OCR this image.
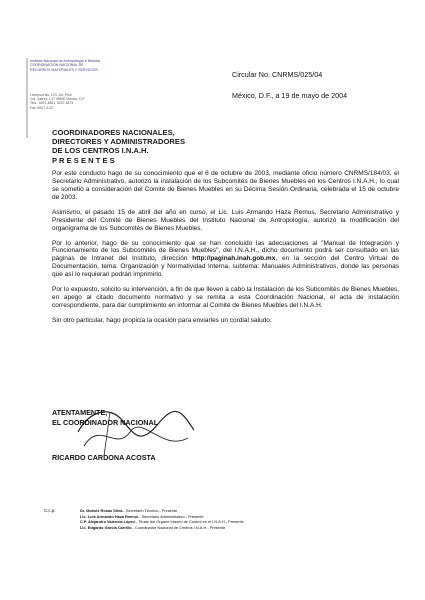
Instituto Nacional de Antropología e Historia
COORDINACIÓN NACIONAL DE
RECURSOS MATERIALES Y SERVICIOS
Liverpool No. 123, 1er. Piso
Col. Juárez, C.P. 06600 México, D.F.
Tels.: 5207-4861, 5207-4873
Fax: 5207-4137
Circular No. CNRMS/025/04
México, D.F., a 19 de mayo de 2004
COORDINADORES NACIONALES,
DIRECTORES Y ADMINISTRADORES
DE LOS CENTROS I.N.A.H.
P R E S E N T E S

Por este conducto hago de su conocimiento que el 6 de octubre de 2003, mediante oficio número CNRMS/184/03, el Secretario Administrativo, autorizó la instalación de los Subcomités de Bienes Muebles en los Centros I.N.A.H., lo cual se sometió a consideración del Comité de Bienes Muebles en su Décima Sesión Ordinaria, celebrada el 15 de octubre de 2003.

Asimismo, el pasado 15 de abril del año en curso, el Lic. Luis Armando Haza Remus, Secretario Administrativo y Presidente del Comité de Bienes Muebles del Instituto Nacional de Antropología, autorizó la modificación del organigrama de los Subcomités de Bienes Muebles.

Por lo anterior, hago de su conocimiento que se han concluido las adecuaciones al "Manual de Integración y Funcionamiento de los Subcomités de Bienes Muebles", del I.N.A.H., dicho documento podrá ser consultado en las páginas de Intranet del Instituto, dirección http://paginah.inah.gob.mx, en la sección del Centro Virtual de Documentación, tema: Organización y Normatividad Interna, subtema: Manuales Administrativos, donde las personas que así lo requieran podrán imprimirlo.

Por lo expuesto, solicito su intervención, a fin de que lleven a cabo la Instalación de los Subcomités de Bienes Muebles, en apego al citado documento normativo y se remita a esta Coordinación Nacional, el acta de instalación correspondiente, para dar cumplimiento en informar al Comité de Bienes Muebles del I.N.A.H.

Sin otro particular, hago propicia la ocasión para enviarles un cordial saludo.

ATENTAMENTE,
EL COORDINADOR NACIONAL
RICARDO CARDONA ACOSTA
C.c.p.	Dr. Moisés Rosas Silva.- Secretario Técnico.- Presente
Lic. Luis Armando Haza Remus.- Secretario Administrativo.- Presente
C.P. Alejandro Valencia López.- Titular del Órgano Interno de Control en el I.N.A.H.- Presente
Lic. Edgardo García Carrillo.- Coordinador Nacional de Centros I.N.A.H.- Presente
